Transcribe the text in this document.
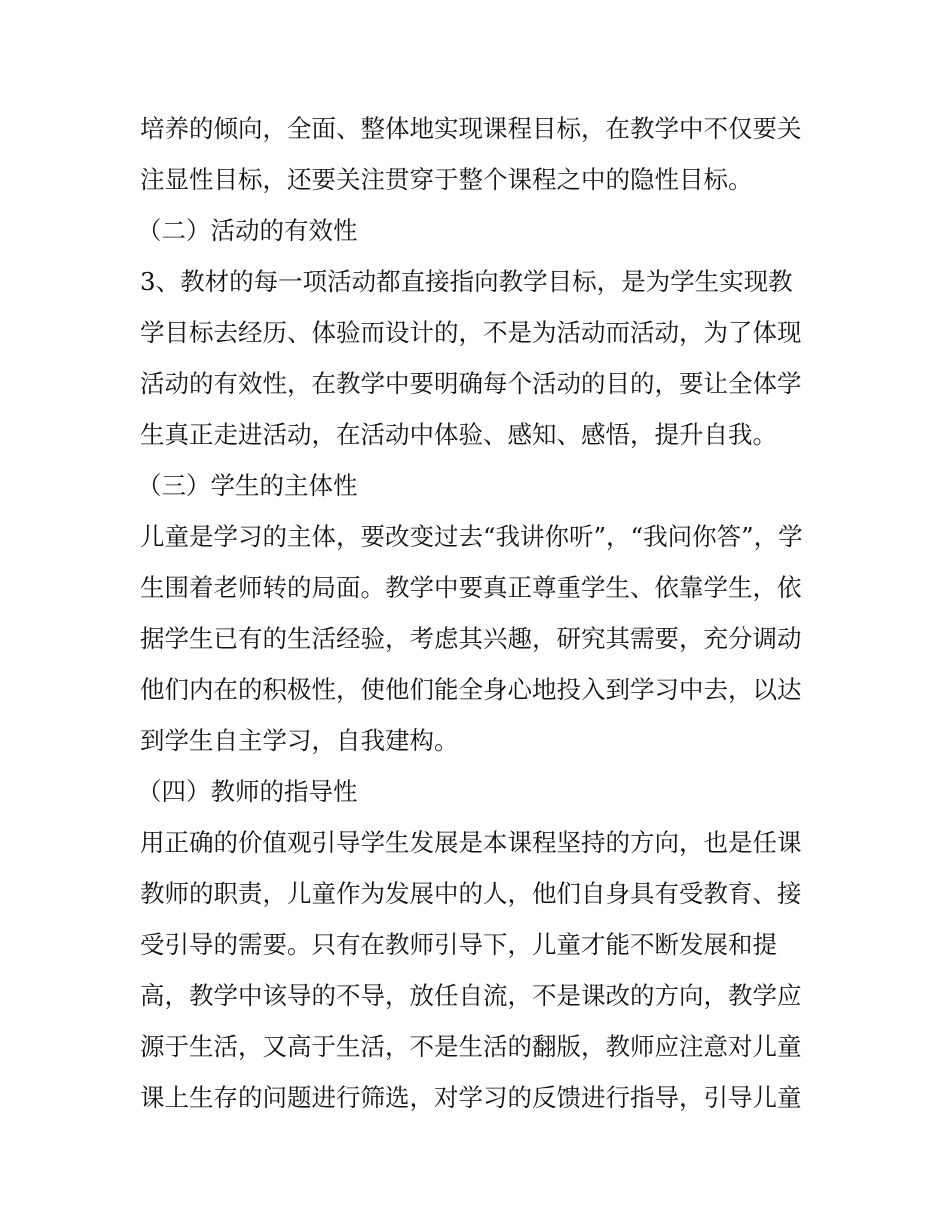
培养的倾向，全面、整体地实现课程目标，在教学中不仅要关
注显性目标，还要关注贯穿于整个课程之中的隐性目标。
（二）活动的有效性
3、教材的每一项活动都直接指向教学目标，是为学生实现教
学目标去经历、体验而设计的，不是为活动而活动，为了体现
活动的有效性，在教学中要明确每个活动的目的，要让全体学
生真正走进活动，在活动中体验、感知、感悟，提升自我。
（三）学生的主体性
儿童是学习的主体，要改变过去“我讲你听”，“我问你答”，学
生围着老师转的局面。教学中要真正尊重学生、依靠学生，依
据学生已有的生活经验，考虑其兴趣，研究其需要，充分调动
他们内在的积极性，使他们能全身心地投入到学习中去，以达
到学生自主学习，自我建构。
（四）教师的指导性
用正确的价值观引导学生发展是本课程坚持的方向，也是任课
教师的职责，儿童作为发展中的人，他们自身具有受教育、接
受引导的需要。只有在教师引导下，儿童才能不断发展和提
高，教学中该导的不导，放任自流，不是课改的方向，教学应
源于生活，又高于生活，不是生活的翻版，教师应注意对儿童
课上生存的问题进行筛选，对学习的反馈进行指导，引导儿童
